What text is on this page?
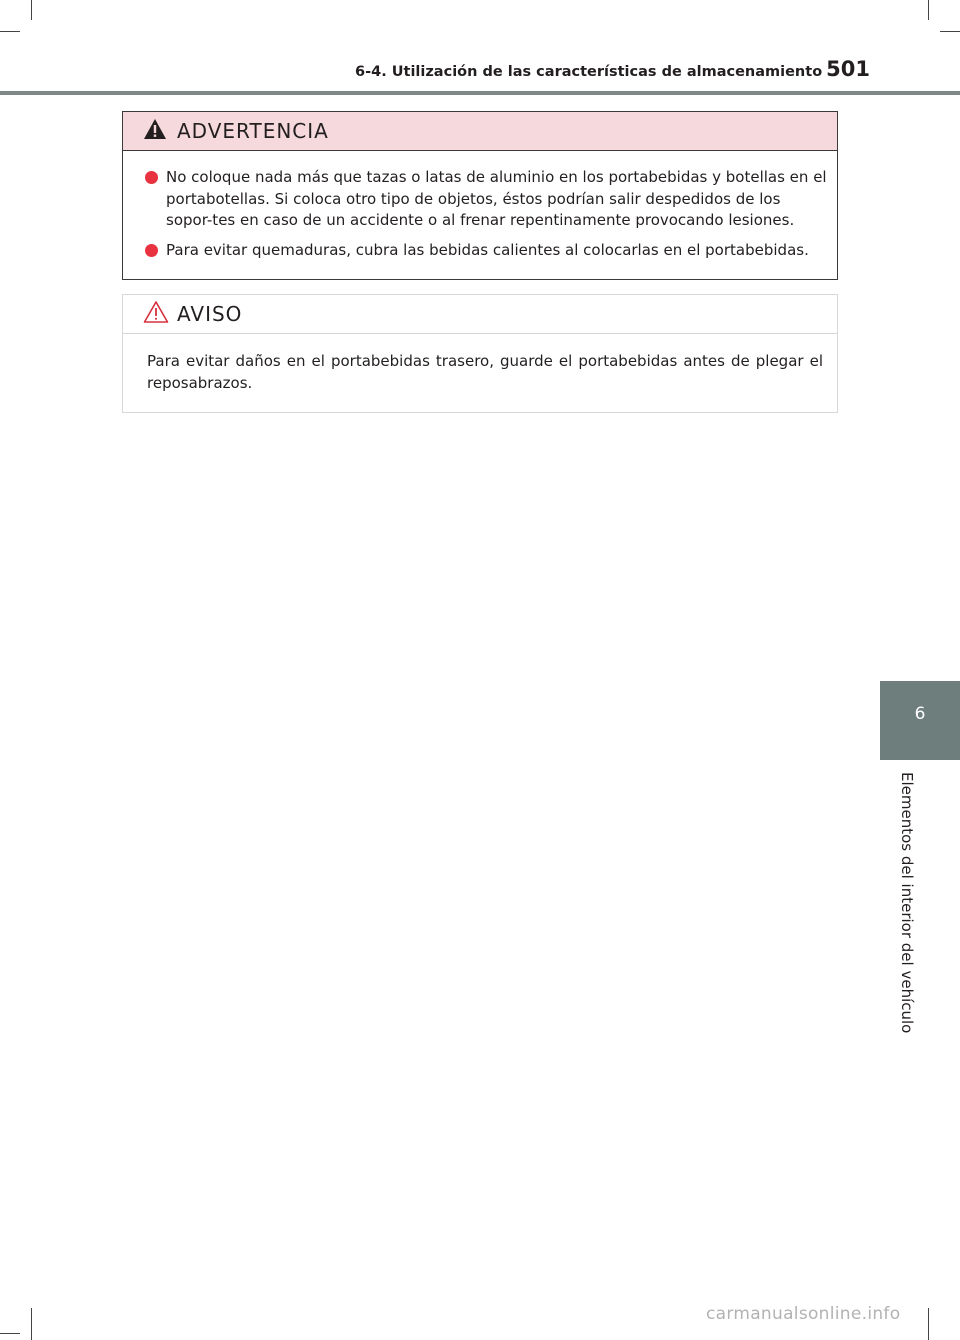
6-4. Utilización de las características de almacenamiento 501
6
Elementos del interior del vehículo
ADVERTENCIA
No coloque nada más que tazas o latas de aluminio en los portabebidas y botellas en el portabotellas. Si coloca otro tipo de objetos, éstos podrían salir despedidos de los sopor-tes en caso de un accidente o al frenar repentinamente provocando lesiones.
Para evitar quemaduras, cubra las bebidas calientes al colocarlas en el portabebidas.
AVISO
Para evitar daños en el portabebidas trasero, guarde el portabebidas antes de plegar el reposabrazos.
carmanualsonline.info
